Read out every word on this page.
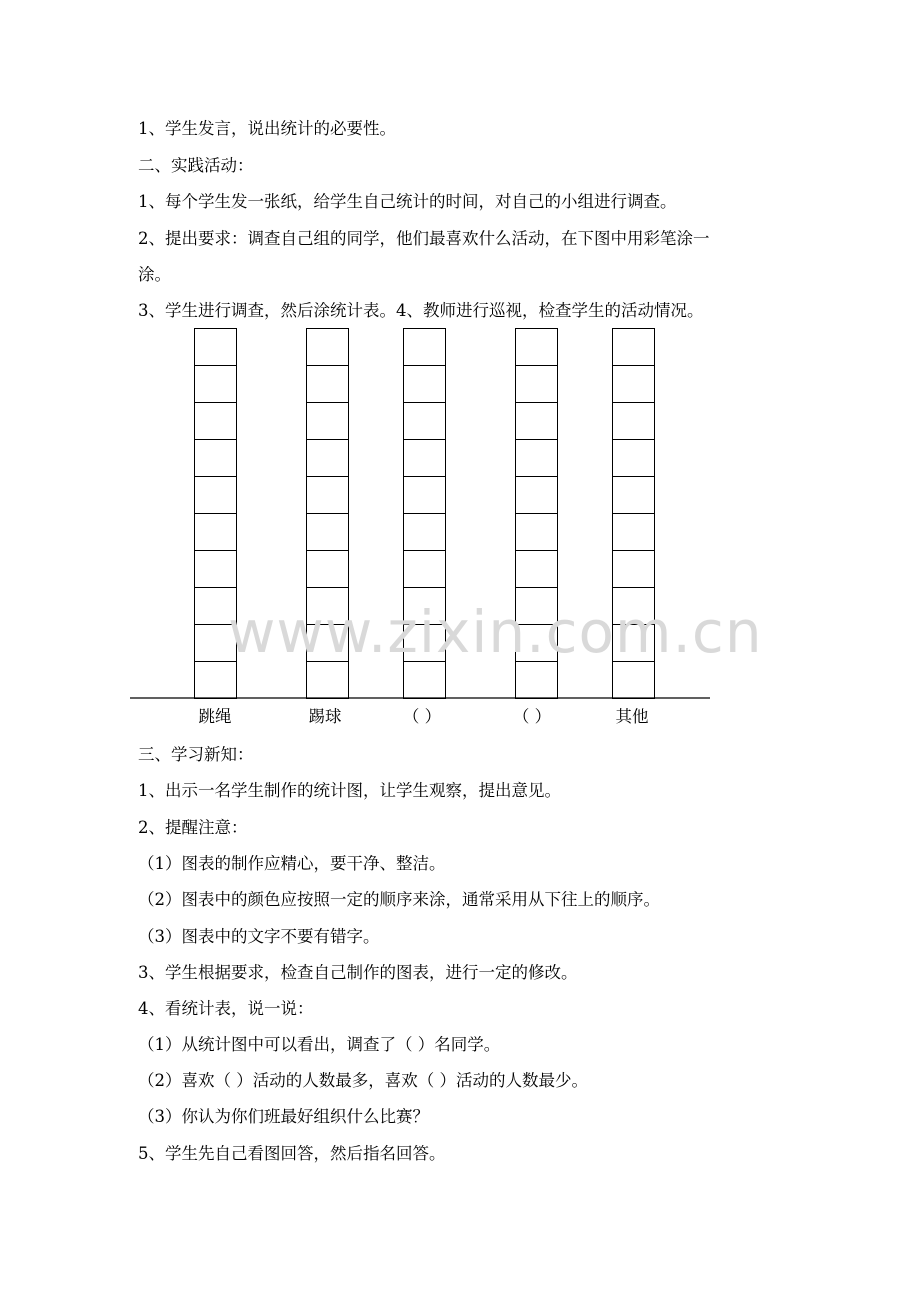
1、学生发言，说出统计的必要性。
二、实践活动：
1、每个学生发一张纸，给学生自己统计的时间，对自己的小组进行调查。
2、提出要求：调查自己组的同学，他们最喜欢什么活动，在下图中用彩笔涂一
涂。
3、学生进行调查，然后涂统计表。4、教师进行巡视，检查学生的活动情况。
跳绳	踢球	（ ）	（ ）	其他
www.zixin.com.cn
三、学习新知：
1、出示一名学生制作的统计图，让学生观察，提出意见。
2、提醒注意：
（1）图表的制作应精心，要干净、整洁。
（2）图表中的颜色应按照一定的顺序来涂，通常采用从下往上的顺序。
（3）图表中的文字不要有错字。
3、学生根据要求，检查自己制作的图表，进行一定的修改。
4、看统计表，说一说：
（1）从统计图中可以看出，调查了（ ）名同学。
（2）喜欢（ ）活动的人数最多，喜欢（ ）活动的人数最少。
（3）你认为你们班最好组织什么比赛？
5、学生先自己看图回答，然后指名回答。
